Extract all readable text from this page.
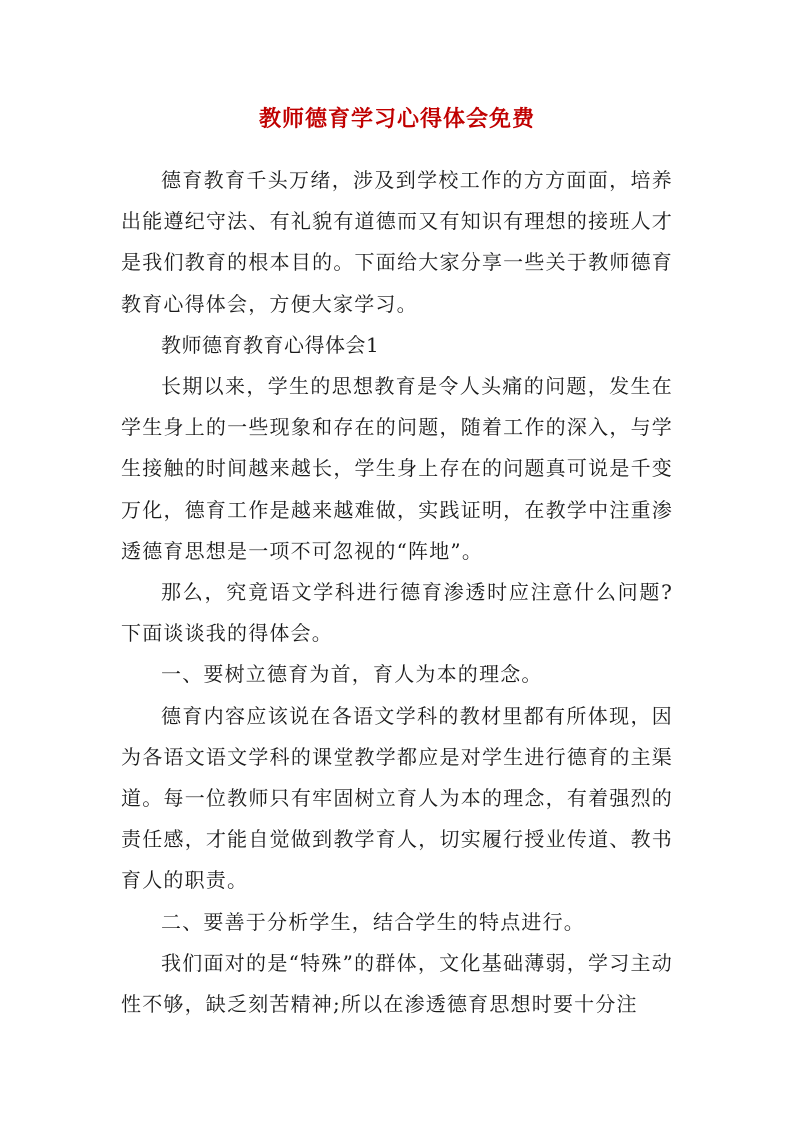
教师德育学习心得体会免费

德育教育千头万绪，涉及到学校工作的方方面面，培养出能遵纪守法、有礼貌有道德而又有知识有理想的接班人才是我们教育的根本目的。下面给大家分享一些关于教师德育教育心得体会，方便大家学习。

教师德育教育心得体会1

长期以来，学生的思想教育是令人头痛的问题，发生在学生身上的一些现象和存在的问题，随着工作的深入，与学生接触的时间越来越长，学生身上存在的问题真可说是千变万化，德育工作是越来越难做，实践证明，在教学中注重渗透德育思想是一项不可忽视的“阵地”。

那么，究竟语文学科进行德育渗透时应注意什么问题?下面谈谈我的得体会。

一、要树立德育为首，育人为本的理念。

德育内容应该说在各语文学科的教材里都有所体现，因为各语文语文学科的课堂教学都应是对学生进行德育的主渠道。每一位教师只有牢固树立育人为本的理念，有着强烈的责任感，才能自觉做到教学育人，切实履行授业传道、教书育人的职责。

二、要善于分析学生，结合学生的特点进行。

我们面对的是“特殊”的群体，文化基础薄弱，学习主动性不够，缺乏刻苦精神;所以在渗透德育思想时要十分注
